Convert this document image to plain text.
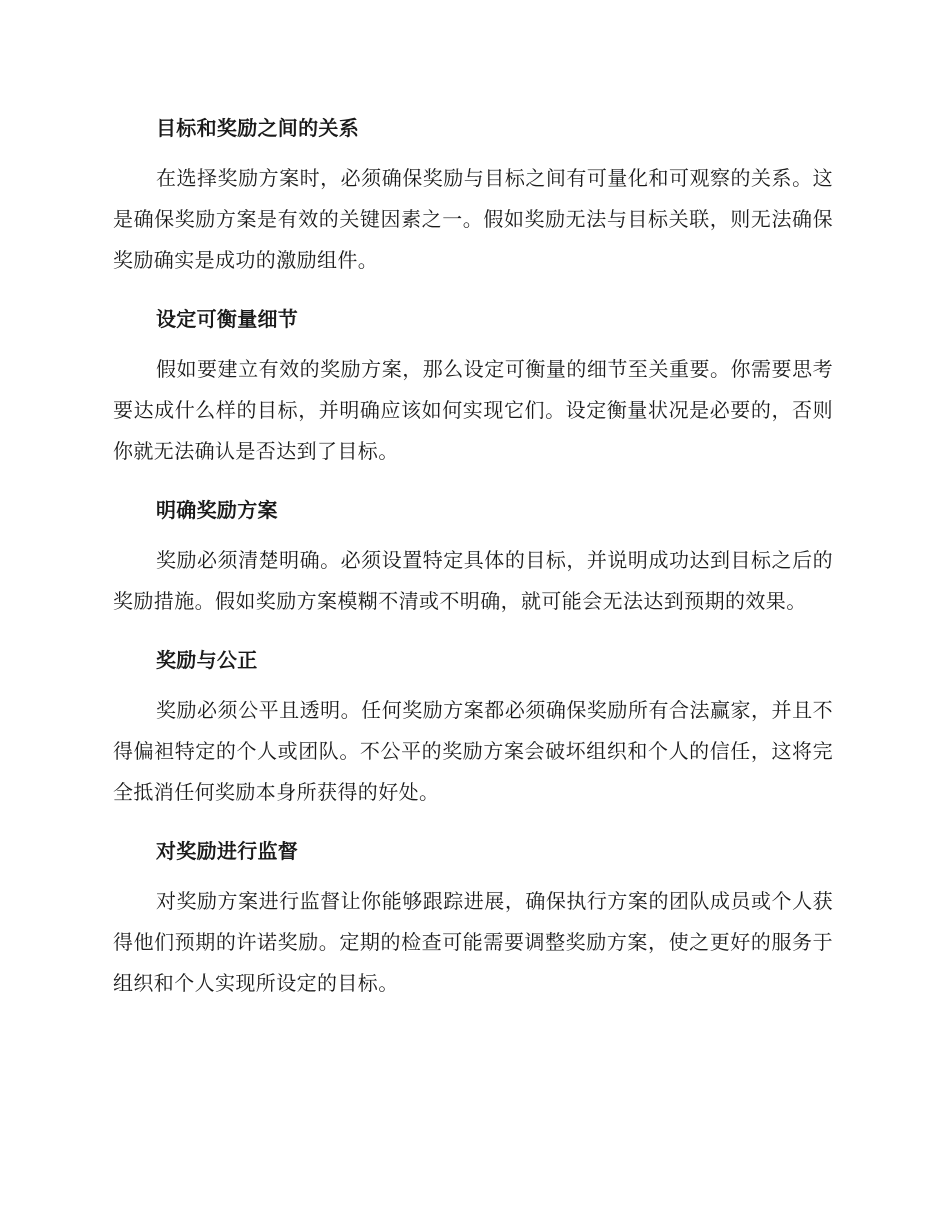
目标和奖励之间的关系

在选择奖励方案时，必须确保奖励与目标之间有可量化和可观察的关系。这是确保奖励方案是有效的关键因素之一。假如奖励无法与目标关联，则无法确保奖励确实是成功的激励组件。

设定可衡量细节

假如要建立有效的奖励方案，那么设定可衡量的细节至关重要。你需要思考要达成什么样的目标，并明确应该如何实现它们。设定衡量状况是必要的，否则你就无法确认是否达到了目标。

明确奖励方案

奖励必须清楚明确。必须设置特定具体的目标，并说明成功达到目标之后的奖励措施。假如奖励方案模糊不清或不明确，就可能会无法达到预期的效果。

奖励与公正

奖励必须公平且透明。任何奖励方案都必须确保奖励所有合法赢家，并且不得偏袒特定的个人或团队。不公平的奖励方案会破坏组织和个人的信任，这将完全抵消任何奖励本身所获得的好处。

对奖励进行监督

对奖励方案进行监督让你能够跟踪进展，确保执行方案的团队成员或个人获得他们预期的许诺奖励。定期的检查可能需要调整奖励方案，使之更好的服务于组织和个人实现所设定的目标。
